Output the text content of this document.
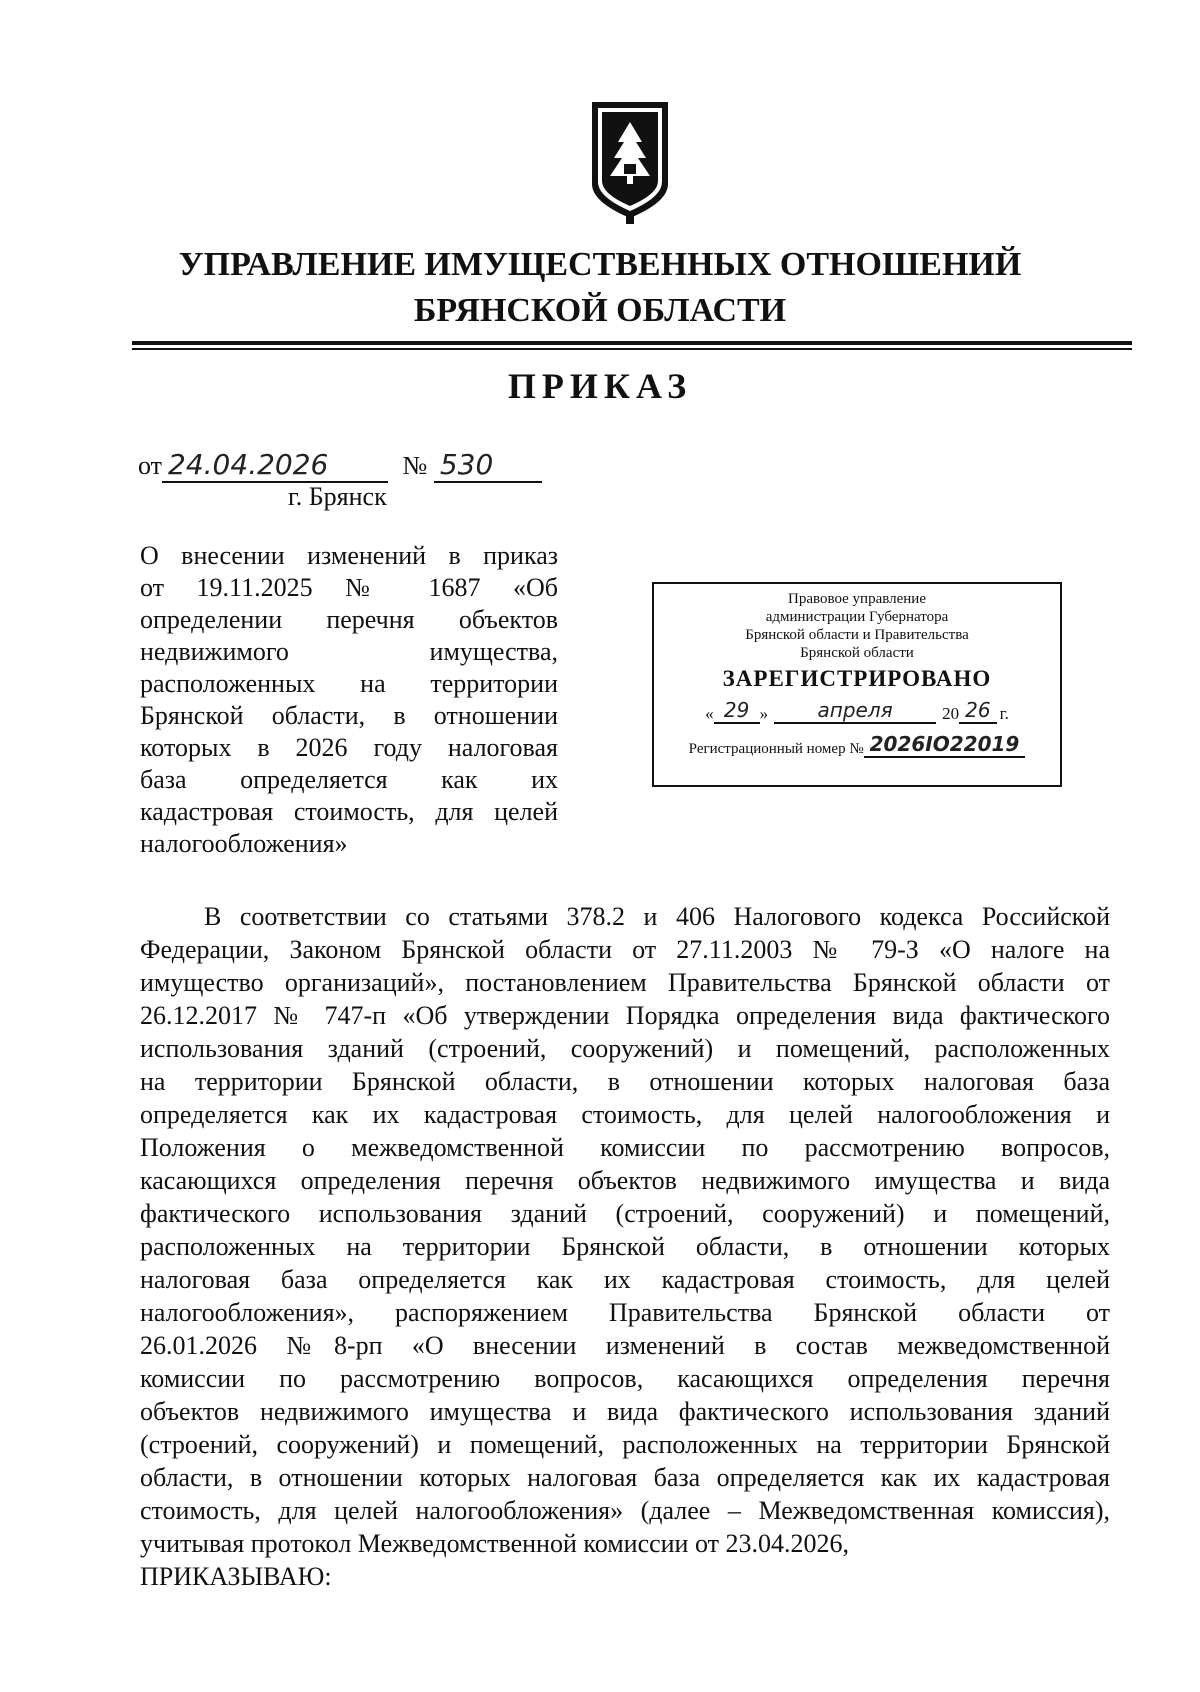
УПРАВЛЕНИЕ ИМУЩЕСТВЕННЫХ ОТНОШЕНИЙ
БРЯНСКОЙ ОБЛАСТИ
ПРИКАЗ
от 24.04.2026	№ 530
г. Брянск
О внесении изменений в приказ
от 19.11.2025 № 1687 «Об
определении перечня объектов
недвижимого имущества,
расположенных на территории
Брянской области, в отношении
которых в 2026 году налоговая
база определяется как их
кадастровая стоимость, для целей
налогообложения»
Правовое управление
администрации Губернатора
Брянской области и Правительства
Брянской области
ЗАРЕГИСТРИРОВАНО
« 29 »	апреля	20 26 г.
Регистрационный номер № 2026IO22019
В соответствии со статьями 378.2 и 406 Налогового кодекса Российской
Федерации, Законом Брянской области от 27.11.2003 № 79-З «О налоге на
имущество организаций», постановлением Правительства Брянской области от
26.12.2017 № 747-п «Об утверждении Порядка определения вида фактического
использования зданий (строений, сооружений) и помещений, расположенных
на территории Брянской области, в отношении которых налоговая база
определяется как их кадастровая стоимость, для целей налогообложения и
Положения о межведомственной комиссии по рассмотрению вопросов,
касающихся определения перечня объектов недвижимого имущества и вида
фактического использования зданий (строений, сооружений) и помещений,
расположенных на территории Брянской области, в отношении которых
налоговая база определяется как их кадастровая стоимость, для целей
налогообложения», распоряжением Правительства Брянской области от
26.01.2026 №8-рп «О внесении изменений в состав межведомственной
комиссии по рассмотрению вопросов, касающихся определения перечня
объектов недвижимого имущества и вида фактического использования зданий
(строений, сооружений) и помещений, расположенных на территории Брянской
области, в отношении которых налоговая база определяется как их кадастровая
стоимость, для целей налогообложения» (далее – Межведомственная комиссия),
учитывая протокол Межведомственной комиссии от 23.04.2026,
ПРИКАЗЫВАЮ:
